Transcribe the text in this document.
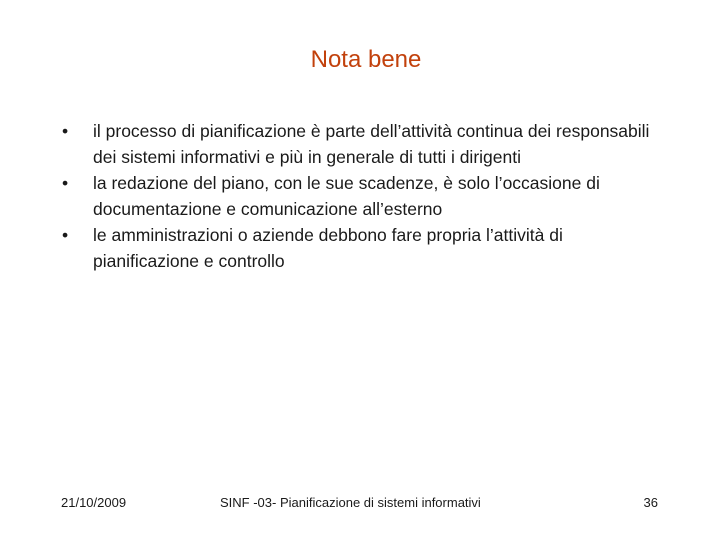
Nota bene
•	il processo di pianificazione è parte dell’attività continua dei responsabili dei sistemi informativi e più in generale di tutti i dirigenti
•	la redazione del piano, con le sue scadenze, è solo l’occasione di documentazione e comunicazione all’esterno
•	le amministrazioni o aziende debbono fare propria l’attività di pianificazione e controllo
21/10/2009	SINF -03- Pianificazione di sistemi informativi	36
